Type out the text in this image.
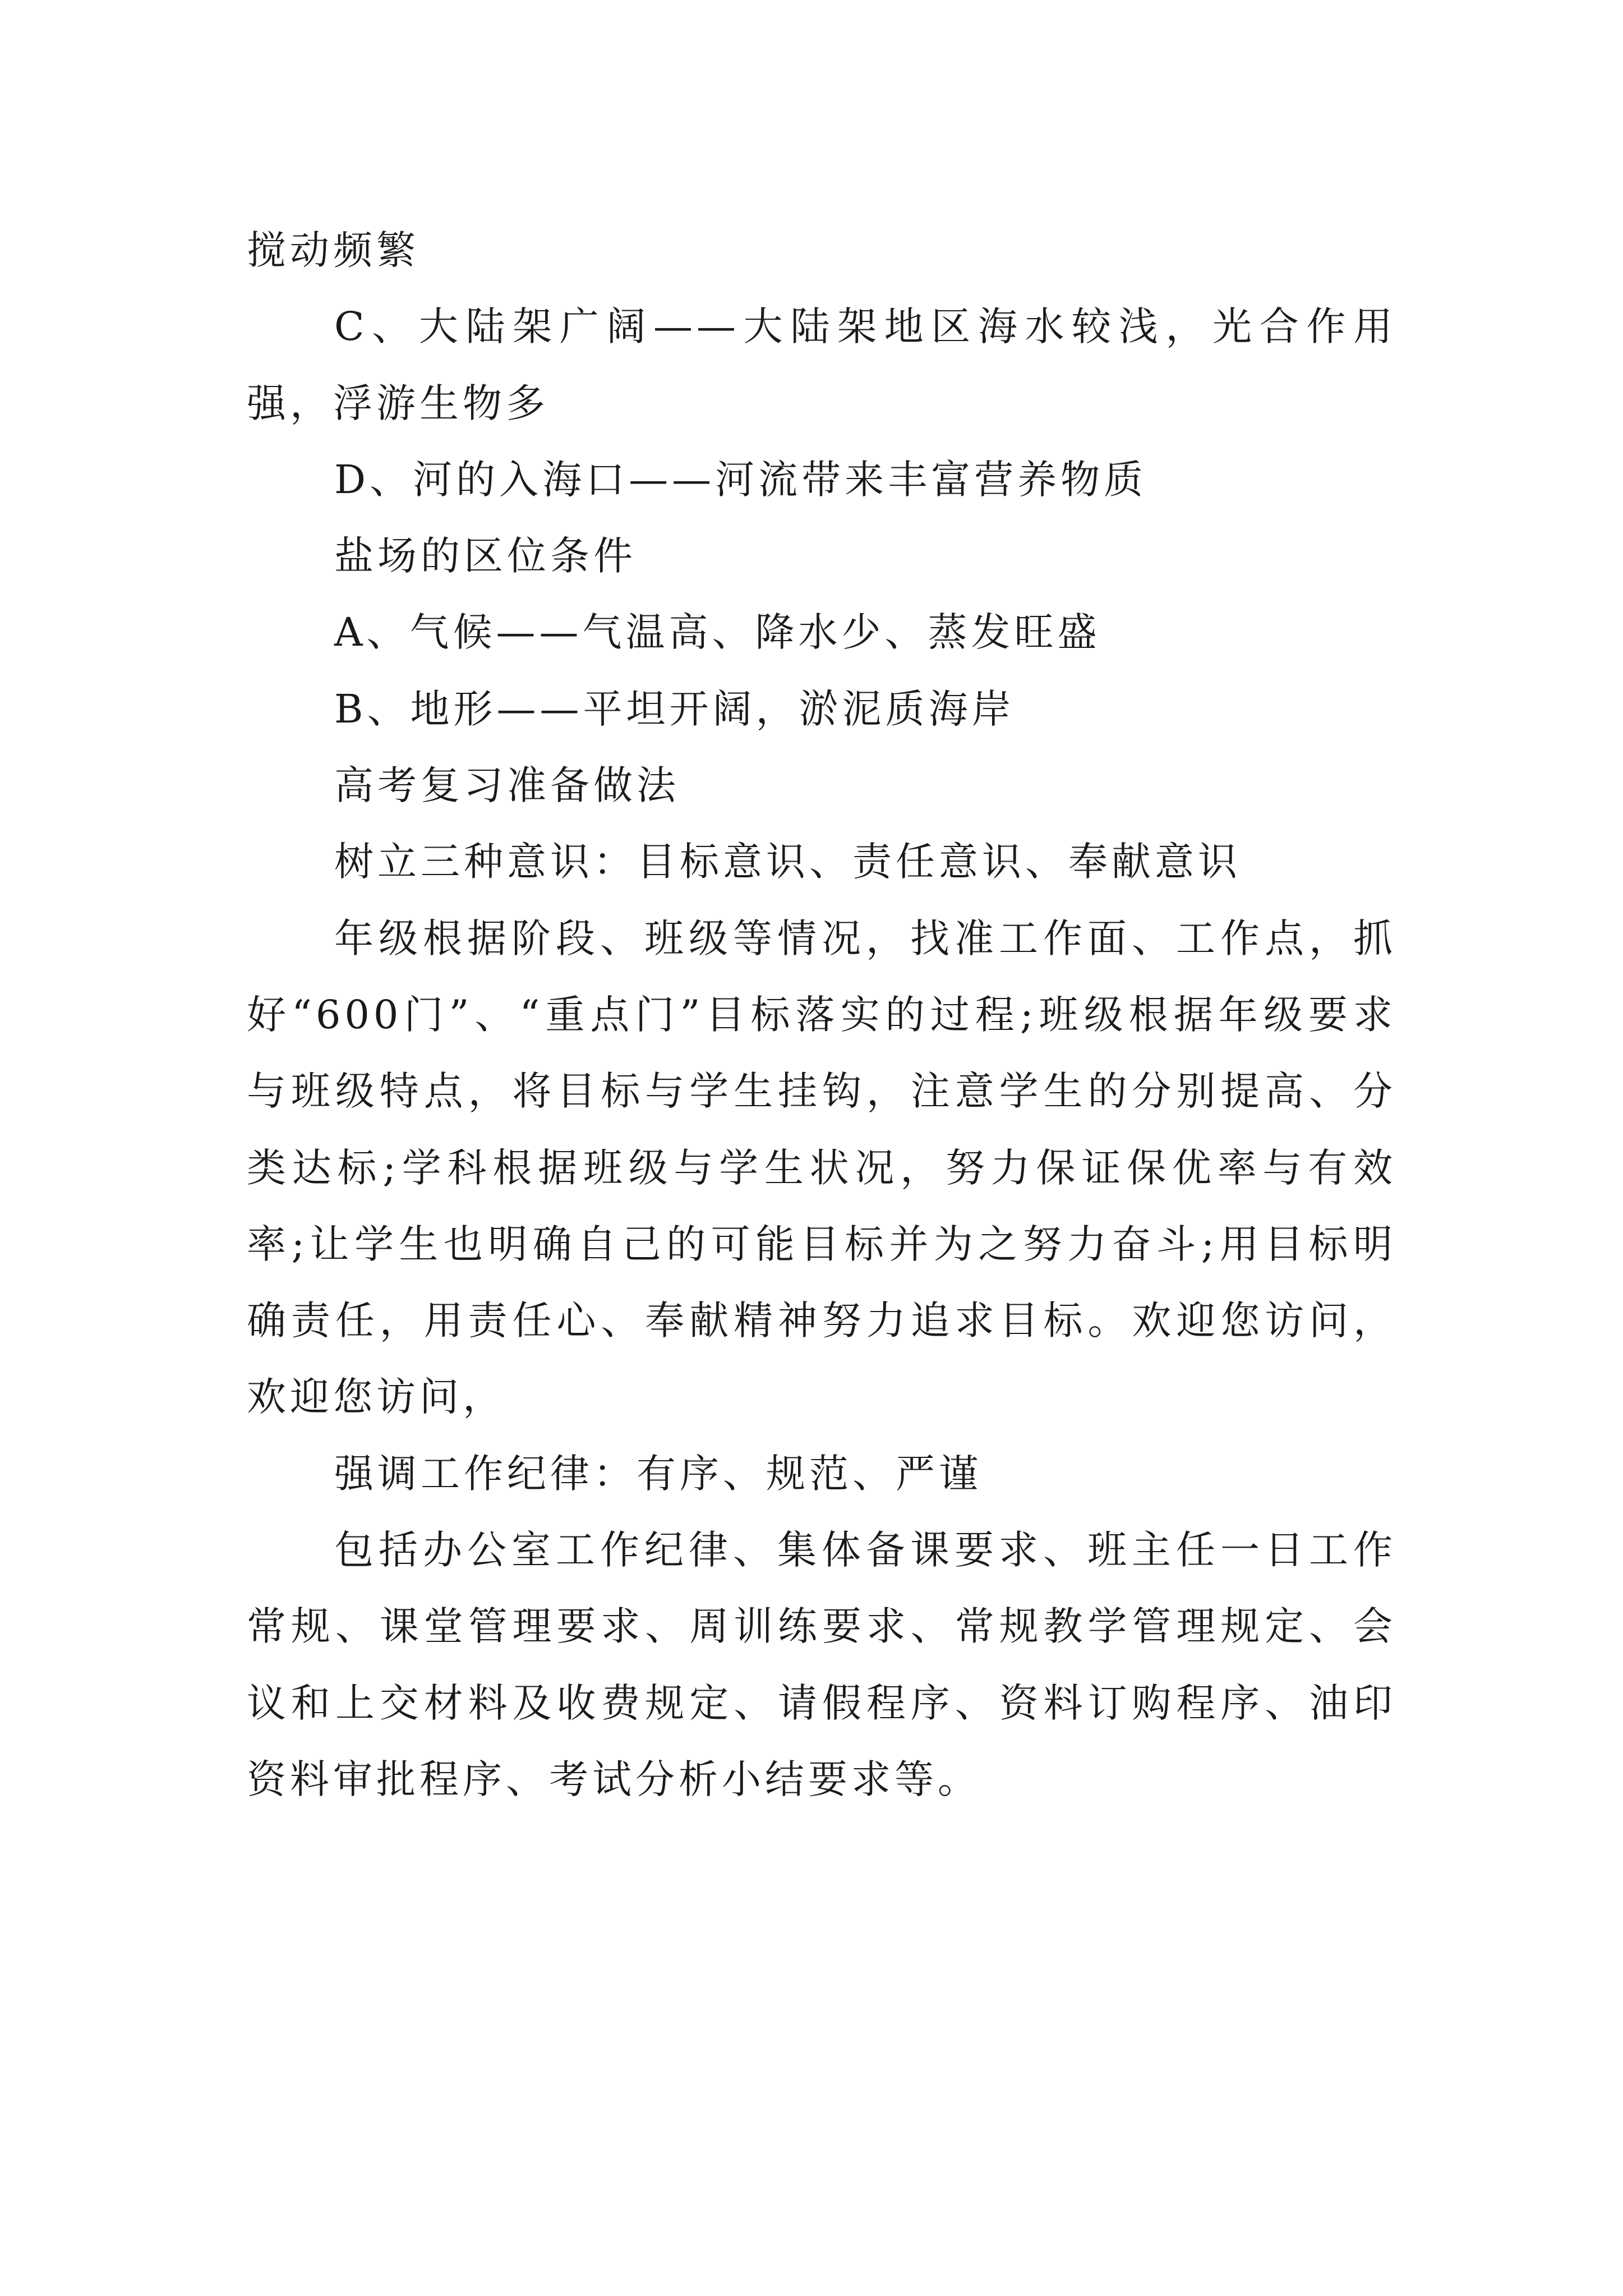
搅动频繁

C、大陆架广阔——大陆架地区海水较浅，光合作用强，浮游生物多

D、河的入海口——河流带来丰富营养物质

盐场的区位条件

A、气候——气温高、降水少、蒸发旺盛

B、地形——平坦开阔，淤泥质海岸

高考复习准备做法

树立三种意识：目标意识、责任意识、奉献意识

年级根据阶段、班级等情况，找准工作面、工作点，抓好“600门”、“重点门”目标落实的过程;班级根据年级要求与班级特点，将目标与学生挂钩，注意学生的分别提高、分类达标;学科根据班级与学生状况，努力保证保优率与有效率;让学生也明确自己的可能目标并为之努力奋斗;用目标明确责任，用责任心、奉献精神努力追求目标。欢迎您访问，欢迎您访问，

强调工作纪律：有序、规范、严谨

包括办公室工作纪律、集体备课要求、班主任一日工作常规、课堂管理要求、周训练要求、常规教学管理规定、会议和上交材料及收费规定、请假程序、资料订购程序、油印资料审批程序、考试分析小结要求等。
